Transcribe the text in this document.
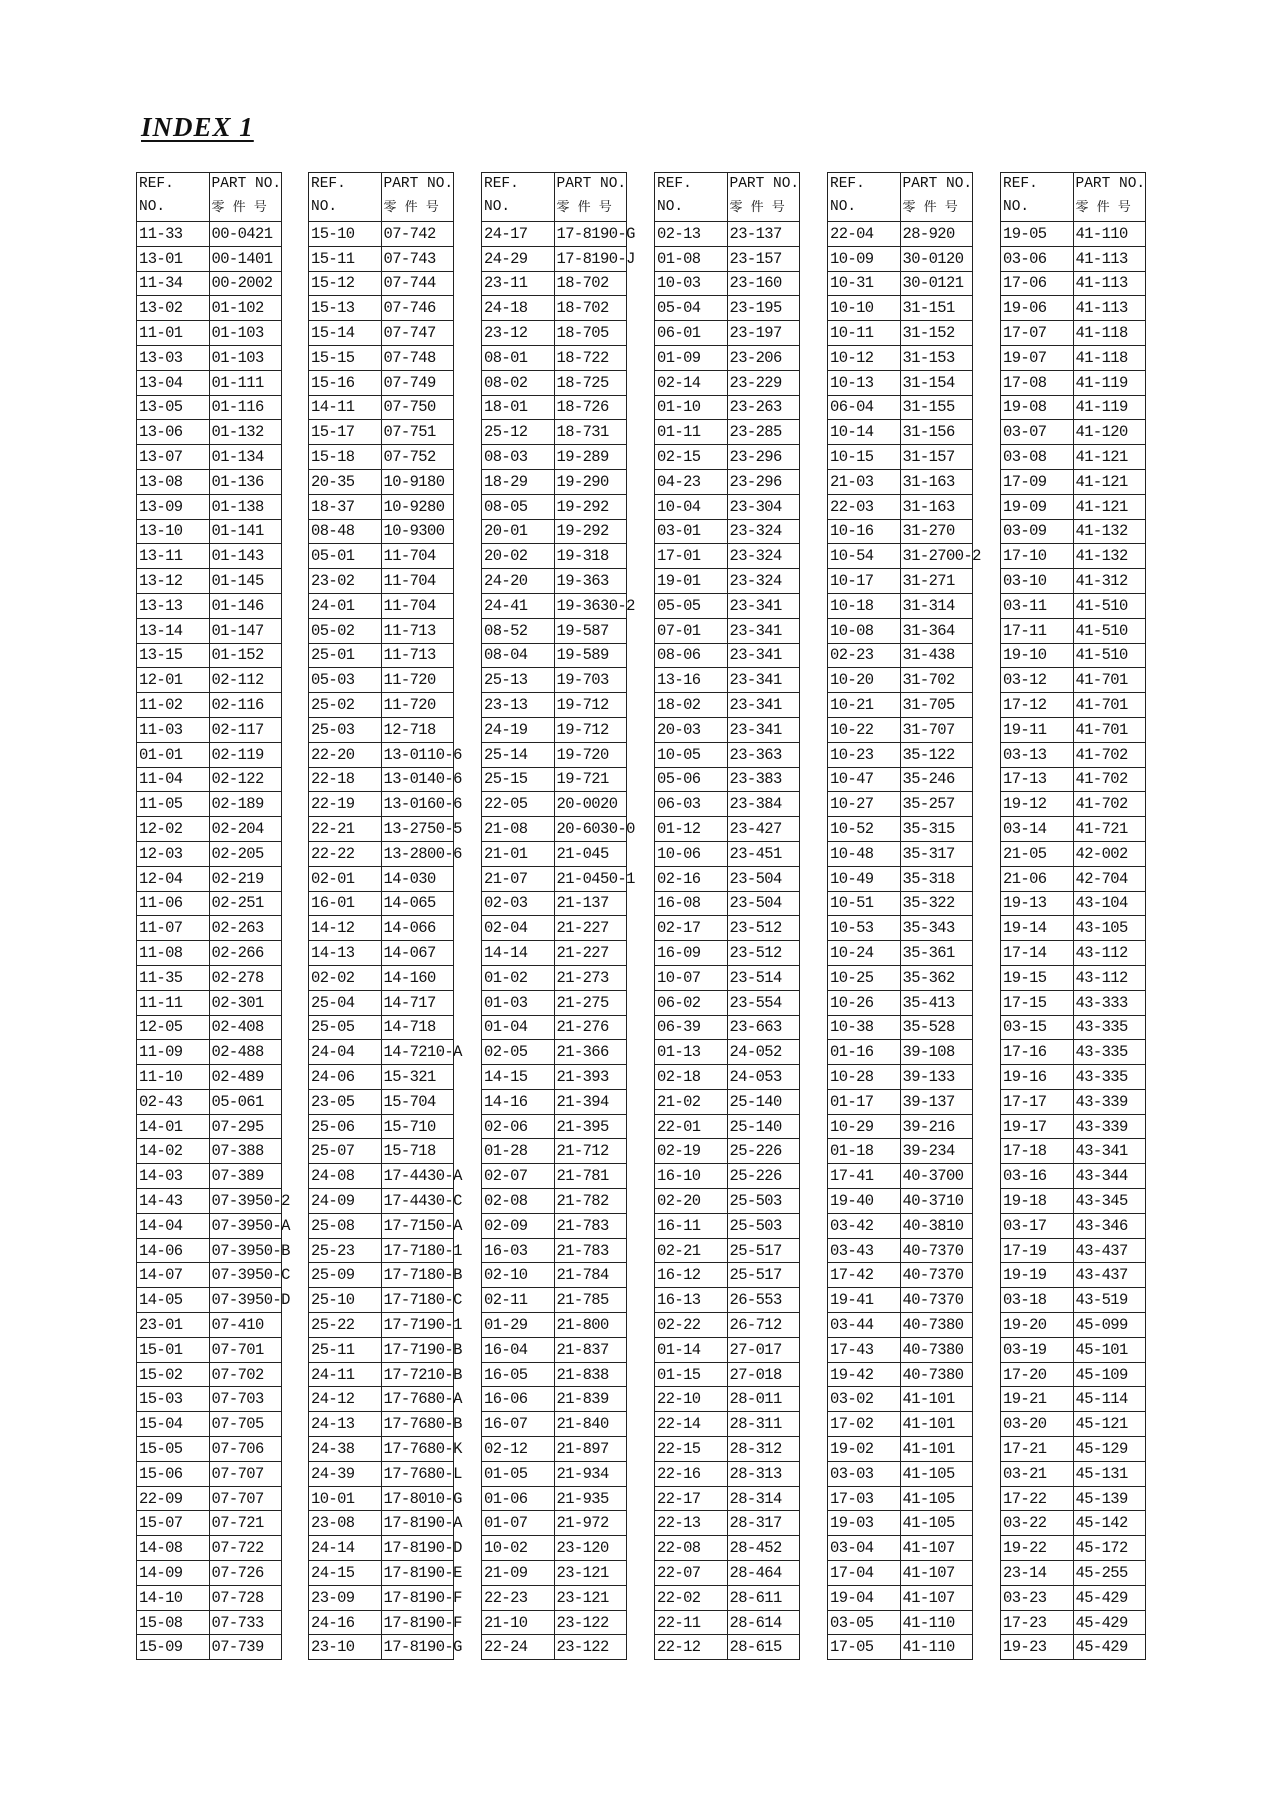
INDEX 1
REF.
NO.	PART NO.
零 件 号

11-33	00-0421
13-01	00-1401
11-34	00-2002
13-02	01-102
11-01	01-103
13-03	01-103
13-04	01-111
13-05	01-116
13-06	01-132
13-07	01-134
13-08	01-136
13-09	01-138
13-10	01-141
13-11	01-143
13-12	01-145
13-13	01-146
13-14	01-147
13-15	01-152
12-01	02-112
11-02	02-116
11-03	02-117
01-01	02-119
11-04	02-122
11-05	02-189
12-02	02-204
12-03	02-205
12-04	02-219
11-06	02-251
11-07	02-263
11-08	02-266
11-35	02-278
11-11	02-301
12-05	02-408
11-09	02-488
11-10	02-489
02-43	05-061
14-01	07-295
14-02	07-388
14-03	07-389
14-43	07-3950-2
14-04	07-3950-A
14-06	07-3950-B
14-07	07-3950-C
14-05	07-3950-D
23-01	07-410
15-01	07-701
15-02	07-702
15-03	07-703
15-04	07-705
15-05	07-706
15-06	07-707
22-09	07-707
15-07	07-721
14-08	07-722
14-09	07-726
14-10	07-728
15-08	07-733
15-09	07-739
REF.
NO.	PART NO.
零 件 号

15-10	07-742
15-11	07-743
15-12	07-744
15-13	07-746
15-14	07-747
15-15	07-748
15-16	07-749
14-11	07-750
15-17	07-751
15-18	07-752
20-35	10-9180
18-37	10-9280
08-48	10-9300
05-01	11-704
23-02	11-704
24-01	11-704
05-02	11-713
25-01	11-713
05-03	11-720
25-02	11-720
25-03	12-718
22-20	13-0110-6
22-18	13-0140-6
22-19	13-0160-6
22-21	13-2750-5
22-22	13-2800-6
02-01	14-030
16-01	14-065
14-12	14-066
14-13	14-067
02-02	14-160
25-04	14-717
25-05	14-718
24-04	14-7210-A
24-06	15-321
23-05	15-704
25-06	15-710
25-07	15-718
24-08	17-4430-A
24-09	17-4430-C
25-08	17-7150-A
25-23	17-7180-1
25-09	17-7180-B
25-10	17-7180-C
25-22	17-7190-1
25-11	17-7190-B
24-11	17-7210-B
24-12	17-7680-A
24-13	17-7680-B
24-38	17-7680-K
24-39	17-7680-L
10-01	17-8010-G
23-08	17-8190-A
24-14	17-8190-D
24-15	17-8190-E
23-09	17-8190-F
24-16	17-8190-F
23-10	17-8190-G
REF.
NO.	PART NO.
零 件 号

24-17	17-8190-G
24-29	17-8190-J
23-11	18-702
24-18	18-702
23-12	18-705
08-01	18-722
08-02	18-725
18-01	18-726
25-12	18-731
08-03	19-289
18-29	19-290
08-05	19-292
20-01	19-292
20-02	19-318
24-20	19-363
24-41	19-3630-2
08-52	19-587
08-04	19-589
25-13	19-703
23-13	19-712
24-19	19-712
25-14	19-720
25-15	19-721
22-05	20-0020
21-08	20-6030-0
21-01	21-045
21-07	21-0450-1
02-03	21-137
02-04	21-227
14-14	21-227
01-02	21-273
01-03	21-275
01-04	21-276
02-05	21-366
14-15	21-393
14-16	21-394
02-06	21-395
01-28	21-712
02-07	21-781
02-08	21-782
02-09	21-783
16-03	21-783
02-10	21-784
02-11	21-785
01-29	21-800
16-04	21-837
16-05	21-838
16-06	21-839
16-07	21-840
02-12	21-897
01-05	21-934
01-06	21-935
01-07	21-972
10-02	23-120
21-09	23-121
22-23	23-121
21-10	23-122
22-24	23-122
REF.
NO.	PART NO.
零 件 号

02-13	23-137
01-08	23-157
10-03	23-160
05-04	23-195
06-01	23-197
01-09	23-206
02-14	23-229
01-10	23-263
01-11	23-285
02-15	23-296
04-23	23-296
10-04	23-304
03-01	23-324
17-01	23-324
19-01	23-324
05-05	23-341
07-01	23-341
08-06	23-341
13-16	23-341
18-02	23-341
20-03	23-341
10-05	23-363
05-06	23-383
06-03	23-384
01-12	23-427
10-06	23-451
02-16	23-504
16-08	23-504
02-17	23-512
16-09	23-512
10-07	23-514
06-02	23-554
06-39	23-663
01-13	24-052
02-18	24-053
21-02	25-140
22-01	25-140
02-19	25-226
16-10	25-226
02-20	25-503
16-11	25-503
02-21	25-517
16-12	25-517
16-13	26-553
02-22	26-712
01-14	27-017
01-15	27-018
22-10	28-011
22-14	28-311
22-15	28-312
22-16	28-313
22-17	28-314
22-13	28-317
22-08	28-452
22-07	28-464
22-02	28-611
22-11	28-614
22-12	28-615
REF.
NO.	PART NO.
零 件 号

22-04	28-920
10-09	30-0120
10-31	30-0121
10-10	31-151
10-11	31-152
10-12	31-153
10-13	31-154
06-04	31-155
10-14	31-156
10-15	31-157
21-03	31-163
22-03	31-163
10-16	31-270
10-54	31-2700-2
10-17	31-271
10-18	31-314
10-08	31-364
02-23	31-438
10-20	31-702
10-21	31-705
10-22	31-707
10-23	35-122
10-47	35-246
10-27	35-257
10-52	35-315
10-48	35-317
10-49	35-318
10-51	35-322
10-53	35-343
10-24	35-361
10-25	35-362
10-26	35-413
10-38	35-528
01-16	39-108
10-28	39-133
01-17	39-137
10-29	39-216
01-18	39-234
17-41	40-3700
19-40	40-3710
03-42	40-3810
03-43	40-7370
17-42	40-7370
19-41	40-7370
03-44	40-7380
17-43	40-7380
19-42	40-7380
03-02	41-101
17-02	41-101
19-02	41-101
03-03	41-105
17-03	41-105
19-03	41-105
03-04	41-107
17-04	41-107
19-04	41-107
03-05	41-110
17-05	41-110
REF.
NO.	PART NO.
零 件 号

19-05	41-110
03-06	41-113
17-06	41-113
19-06	41-113
17-07	41-118
19-07	41-118
17-08	41-119
19-08	41-119
03-07	41-120
03-08	41-121
17-09	41-121
19-09	41-121
03-09	41-132
17-10	41-132
03-10	41-312
03-11	41-510
17-11	41-510
19-10	41-510
03-12	41-701
17-12	41-701
19-11	41-701
03-13	41-702
17-13	41-702
19-12	41-702
03-14	41-721
21-05	42-002
21-06	42-704
19-13	43-104
19-14	43-105
17-14	43-112
19-15	43-112
17-15	43-333
03-15	43-335
17-16	43-335
19-16	43-335
17-17	43-339
19-17	43-339
17-18	43-341
03-16	43-344
19-18	43-345
03-17	43-346
17-19	43-437
19-19	43-437
03-18	43-519
19-20	45-099
03-19	45-101
17-20	45-109
19-21	45-114
03-20	45-121
17-21	45-129
03-21	45-131
17-22	45-139
03-22	45-142
19-22	45-172
23-14	45-255
03-23	45-429
17-23	45-429
19-23	45-429
